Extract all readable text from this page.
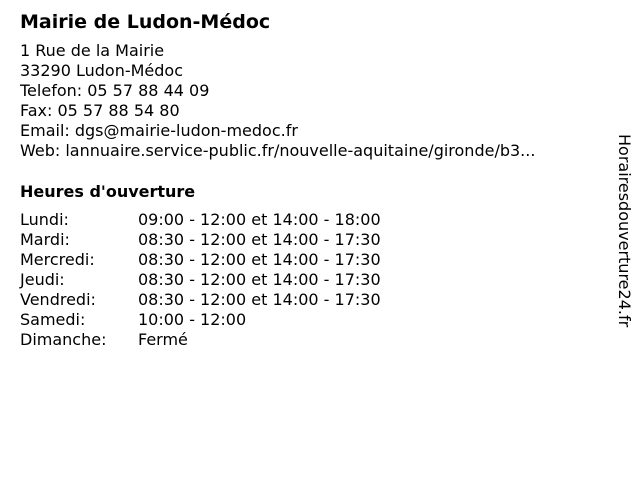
Mairie de Ludon-Médoc
1 Rue de la Mairie
33290 Ludon-Médoc
Telefon: 05 57 88 44 09
Fax: 05 57 88 54 80
Email: dgs@mairie-ludon-medoc.fr
Web: lannuaire.service-public.fr/nouvelle-aquitaine/gironde/b3...
Heures d'ouverture
Lundi:	09:00 - 12:00 et 14:00 - 18:00
Mardi:	08:30 - 12:00 et 14:00 - 17:30
Mercredi:	08:30 - 12:00 et 14:00 - 17:30
Jeudi:	08:30 - 12:00 et 14:00 - 17:30
Vendredi:	08:30 - 12:00 et 14:00 - 17:30
Samedi:	10:00 - 12:00
Dimanche:	Fermé
Horairesdouverture24.fr
